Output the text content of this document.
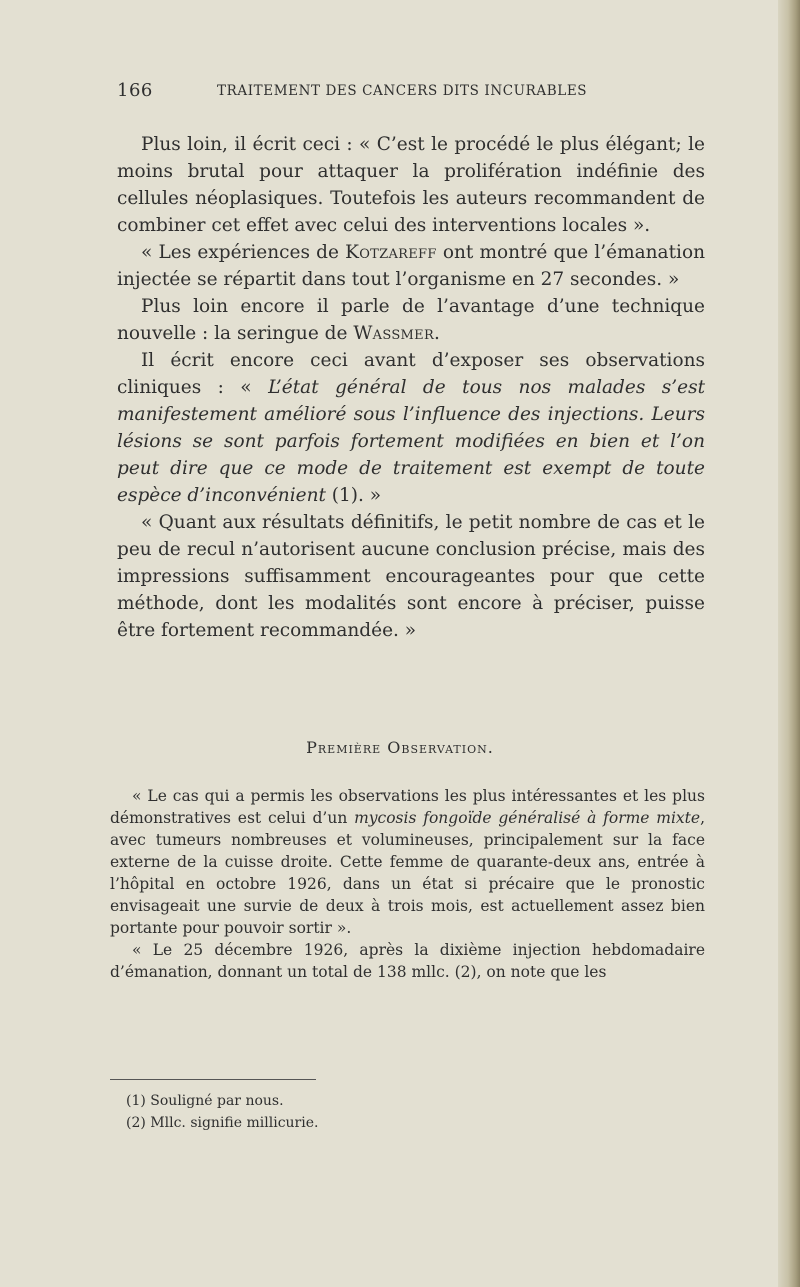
166	TRAITEMENT DES CANCERS DITS INCURABLES

Plus loin, il écrit ceci : « C’est le procédé le plus élégant; le moins brutal pour attaquer la prolifération indéfinie des cellules néoplasiques. Toutefois les auteurs recommandent de combiner cet effet avec celui des interventions locales ».

« Les expériences de Kotzareff ont montré que l’émanation injectée se répartit dans tout l’organisme en 27 secondes. »

Plus loin encore il parle de l’avantage d’une technique nouvelle : la seringue de Wassmer.

Il écrit encore ceci avant d’exposer ses observations cliniques : « L’état général de tous nos malades s’est manifestement amélioré sous l’influence des injections. Leurs lésions se sont parfois fortement modifiées en bien et l’on peut dire que ce mode de traitement est exempt de toute espèce d’inconvénient (1). »

« Quant aux résultats définitifs, le petit nombre de cas et le peu de recul n’autorisent aucune conclusion précise, mais des impressions suffisamment encourageantes pour que cette méthode, dont les modalités sont encore à préciser, puisse être fortement recommandée. »

Première Observation.

« Le cas qui a permis les observations les plus intéressantes et les plus démonstratives est celui d’un mycosis fongoïde généralisé à forme mixte, avec tumeurs nombreuses et volumineuses, principalement sur la face externe de la cuisse droite. Cette femme de quarante-deux ans, entrée à l’hôpital en octobre 1926, dans un état si précaire que le pronostic envisageait une survie de deux à trois mois, est actuellement assez bien portante pour pouvoir sortir ».

« Le 25 décembre 1926, après la dixième injection hebdomadaire d’émanation, donnant un total de 138 mllc. (2), on note que les

(1) Souligné par nous.
(2) Mllc. signifie millicurie.
